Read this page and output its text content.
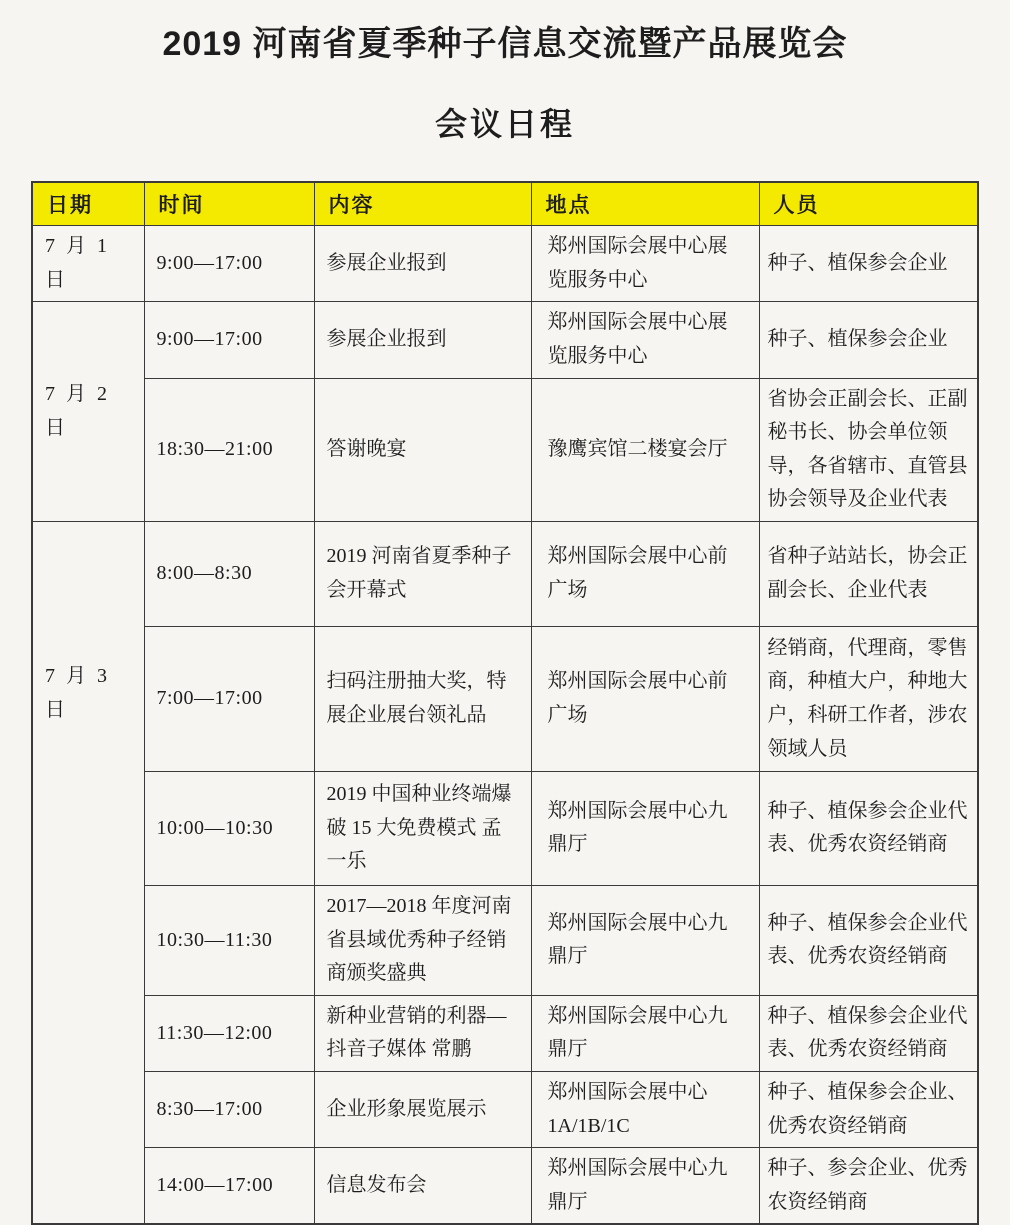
2019 河南省夏季种子信息交流暨产品展览会
会议日程
日期	时间	内容	地点	人员
7 月 1 日	9:00—17:00	参展企业报到	郑州国际会展中心展览服务中心	种子、植保参会企业
7 月 2 日	9:00—17:00	参展企业报到	郑州国际会展中心展览服务中心	种子、植保参会企业
	18:30—21:00	答谢晚宴	豫鹰宾馆二楼宴会厅	省协会正副会长、正副秘书长、协会单位领导，各省辖市、直管县协会领导及企业代表
7 月 3 日	8:00—8:30	2019 河南省夏季种子会开幕式	郑州国际会展中心前广场	省种子站站长，协会正副会长、企业代表
	7:00—17:00	扫码注册抽大奖，特展企业展台领礼品	郑州国际会展中心前广场	经销商，代理商，零售商，种植大户，种地大户，科研工作者，涉农领域人员
	10:00—10:30	2019 中国种业终端爆破 15 大免费模式 孟一乐	郑州国际会展中心九鼎厅	种子、植保参会企业代表、优秀农资经销商
	10:30—11:30	2017—2018 年度河南省县域优秀种子经销商颁奖盛典	郑州国际会展中心九鼎厅	种子、植保参会企业代表、优秀农资经销商
	11:30—12:00	新种业营销的利器—抖音子媒体 常鹏	郑州国际会展中心九鼎厅	种子、植保参会企业代表、优秀农资经销商
	8:30—17:00	企业形象展览展示	郑州国际会展中心 1A/1B/1C	种子、植保参会企业、优秀农资经销商
	14:00—17:00	信息发布会	郑州国际会展中心九鼎厅	种子、参会企业、优秀农资经销商
